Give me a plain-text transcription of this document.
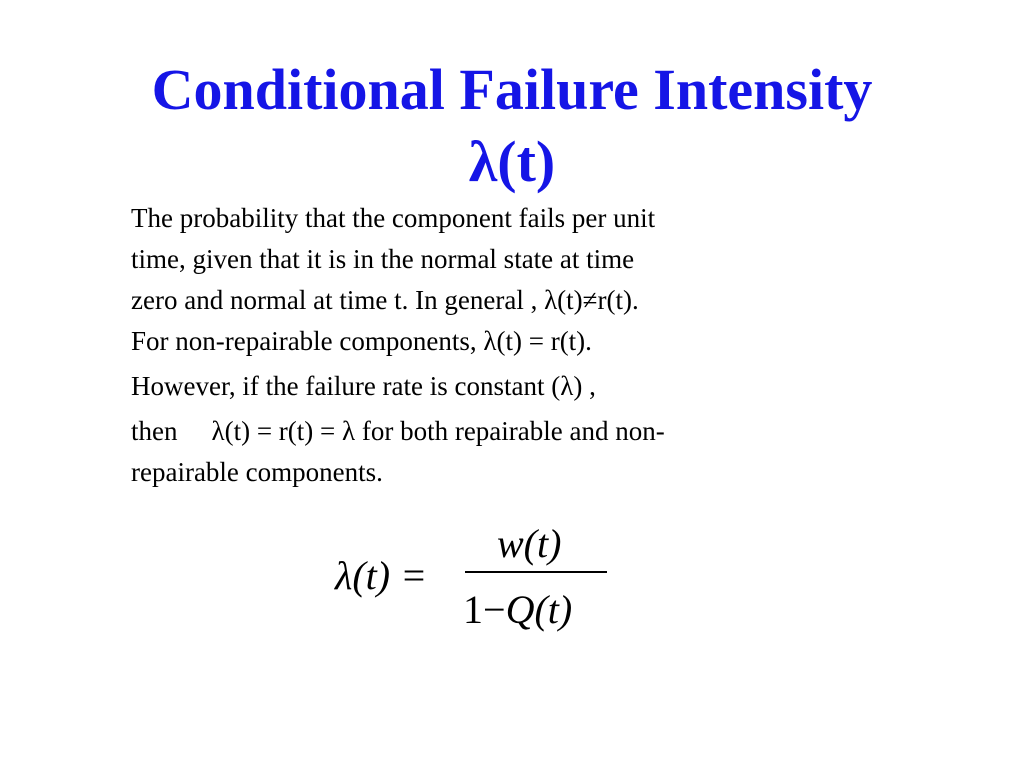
Conditional Failure Intensity
λ(t)

The probability that the component fails per unit
time, given that it is in the normal state at time
zero and normal at time t. In general , λ(t)≠r(t).
For non-repairable components, λ(t) = r(t).

However, if the failure rate is constant (λ) ,

then λ(t) = r(t) = λ for both repairable and non-
repairable components.

λ(t) =
w(t)
1−Q(t)
